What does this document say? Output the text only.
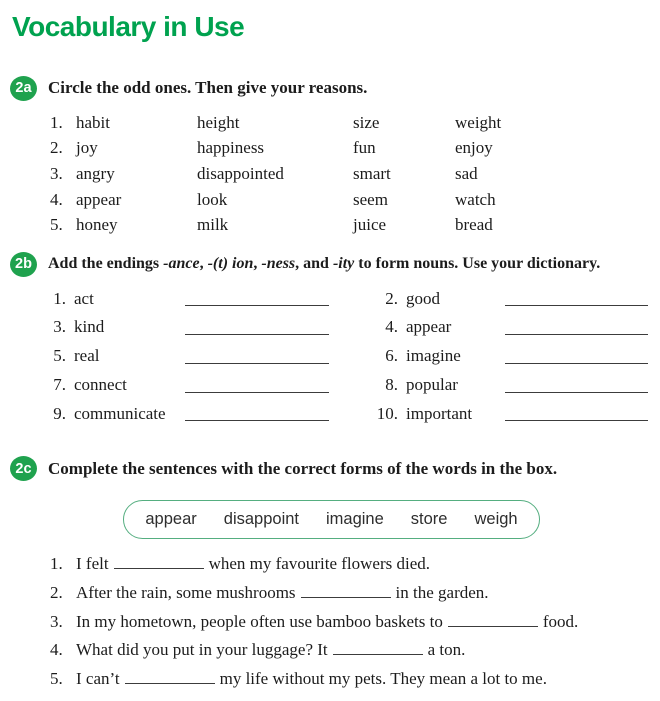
Vocabulary in Use
2a Circle the odd ones. Then give your reasons.

1. habit	height	size	weight
2. joy	happiness	fun	enjoy
3. angry	disappointed	smart	sad
4. appear	look	seem	watch
5. honey	milk	juice	bread
2b	Add the endings -ance, -(t) ion, -ness, and -ity to form nouns. Use your dictionary.

1. act	2. good
3. kind	4. appear
5. real	6. imagine
7. connect	8. popular
9. communicate	10. important
2c Complete the sentences with the correct forms of the words in the box.

appear disappoint imagine store weigh
1. I felt	when my favourite flowers died.
2. After the rain, some mushrooms	in the garden.
3. In my hometown, people often use bamboo baskets to	food.
4. What did you put in your luggage? It	a ton.
5. I can’t	my life without my pets. They mean a lot to me.
